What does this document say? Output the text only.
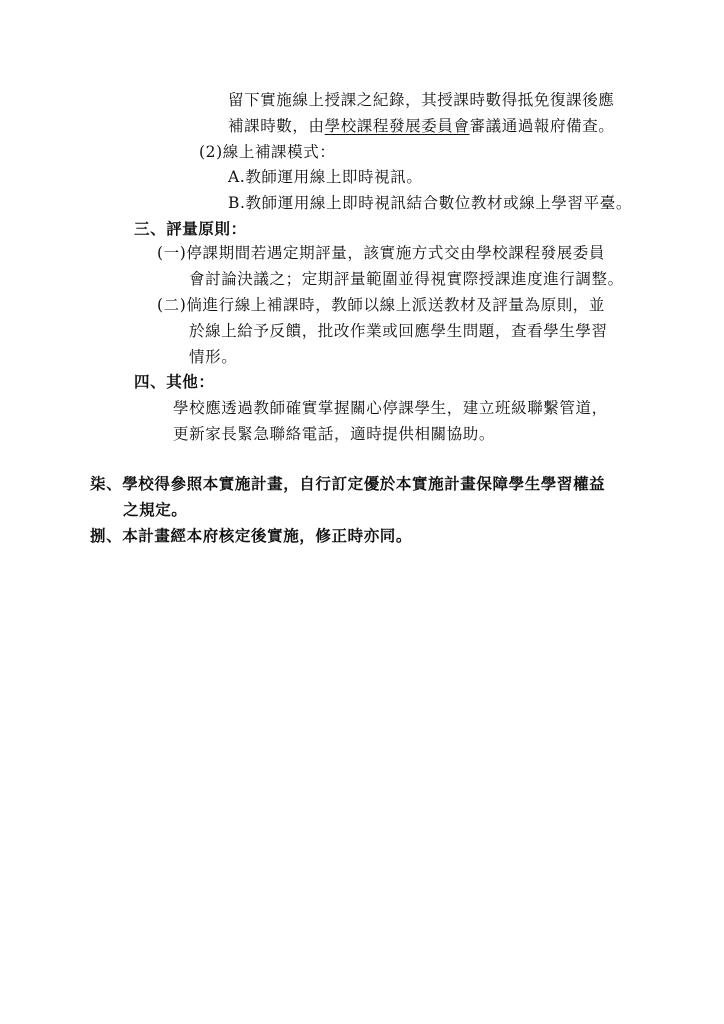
留下實施線上授課之紀錄，其授課時數得抵免復課後應
補課時數，由學校課程發展委員會審議通過報府備查。
(2)線上補課模式：
A.教師運用線上即時視訊。
B.教師運用線上即時視訊結合數位教材或線上學習平臺。
三、評量原則：
(一)停課期間若遇定期評量，該實施方式交由學校課程發展委員
會討論決議之；定期評量範圍並得視實際授課進度進行調整。
(二)倘進行線上補課時，教師以線上派送教材及評量為原則，並
於線上給予反饋，批改作業或回應學生問題，查看學生學習
情形。
四、其他：
學校應透過教師確實掌握關心停課學生，建立班級聯繫管道，
更新家長緊急聯絡電話，適時提供相關協助。
柒、學校得參照本實施計畫，自行訂定優於本實施計畫保障學生學習權益
之規定。
捌、本計畫經本府核定後實施，修正時亦同。
